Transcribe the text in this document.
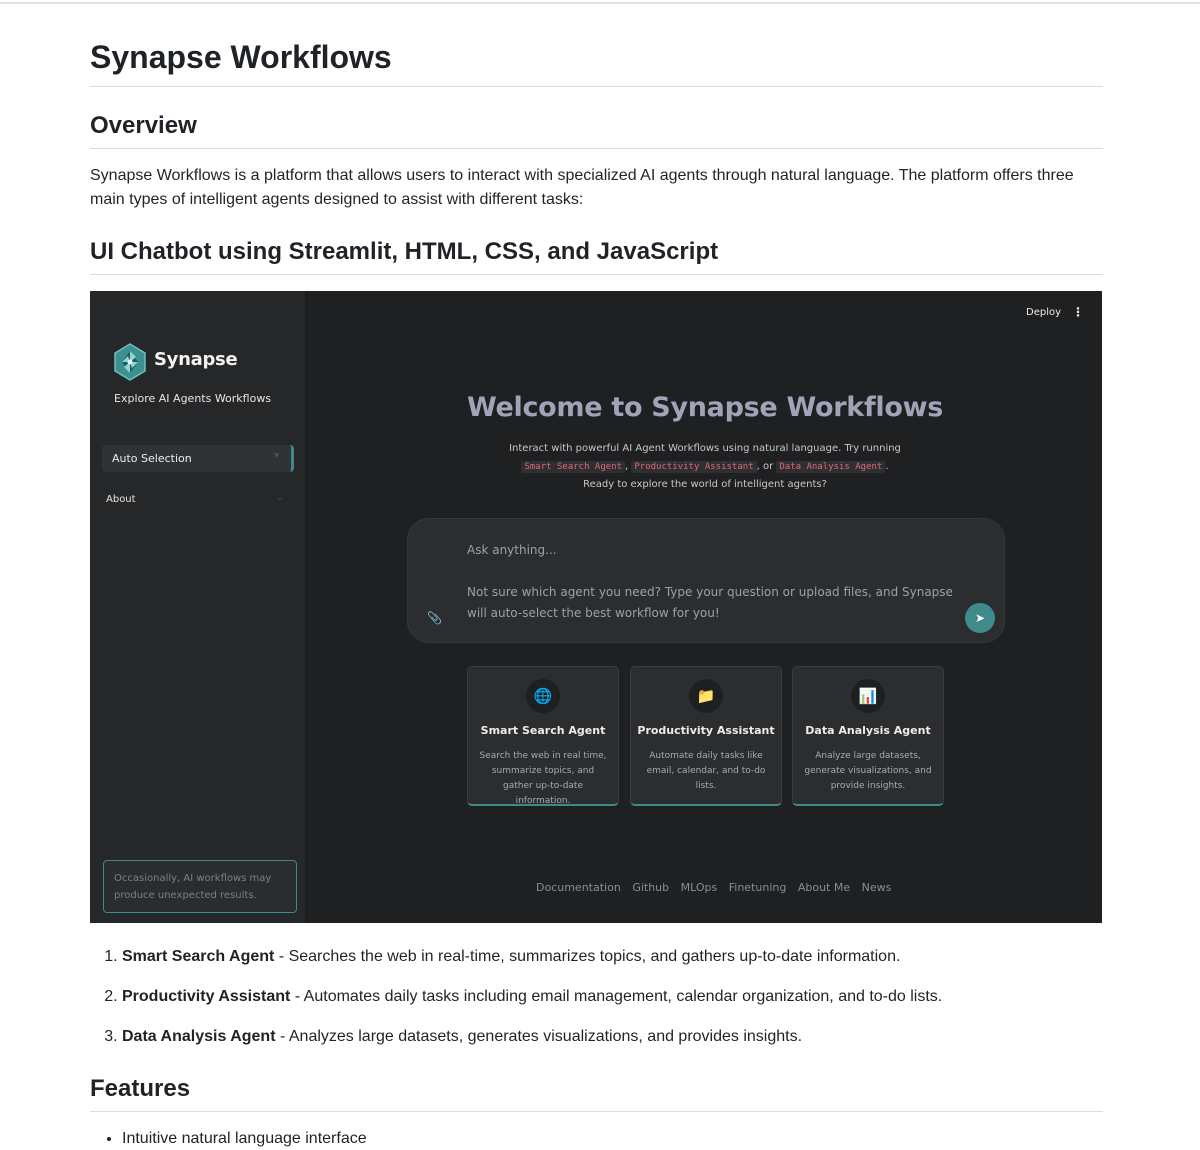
Synapse Workflows
Overview

Synapse Workflows is a platform that allows users to interact with specialized AI agents through natural language. The platform offers three main types of intelligent agents designed to assist with different tasks:

UI Chatbot using Streamlit, HTML, CSS, and JavaScript
Synapse
Explore AI Agents Workflows
Auto Selection	▾
About	⌄
Occasionally, AI workflows may produce unexpected results.
Deploy ⋮
Welcome to Synapse Workflows
Interact with powerful AI Agent Workflows using natural language. Try running
Smart Search Agent , Productivity Assistant , or Data Analysis Agent .
Ready to explore the world of intelligent agents?
Ask anything...

Not sure which agent you need? Type your question or upload files, and Synapse will auto-select the best workflow for you!
📎	➤
🌐
Smart Search Agent
Search the web in real time, summarize topics, and gather up-to-date information.
📁
Productivity Assistant
Automate daily tasks like email, calendar, and to-do lists.
📊
Data Analysis Agent
Analyze large datasets, generate visualizations, and provide insights.
Documentation Github MLOps Finetuning About Me News
1. Smart Search Agent - Searches the web in real-time, summarizes topics, and gathers up-to-date information.
2. Productivity Assistant - Automates daily tasks including email management, calendar organization, and to-do lists.
3. Data Analysis Agent - Analyzes large datasets, generates visualizations, and provides insights.
Features
• Intuitive natural language interface
